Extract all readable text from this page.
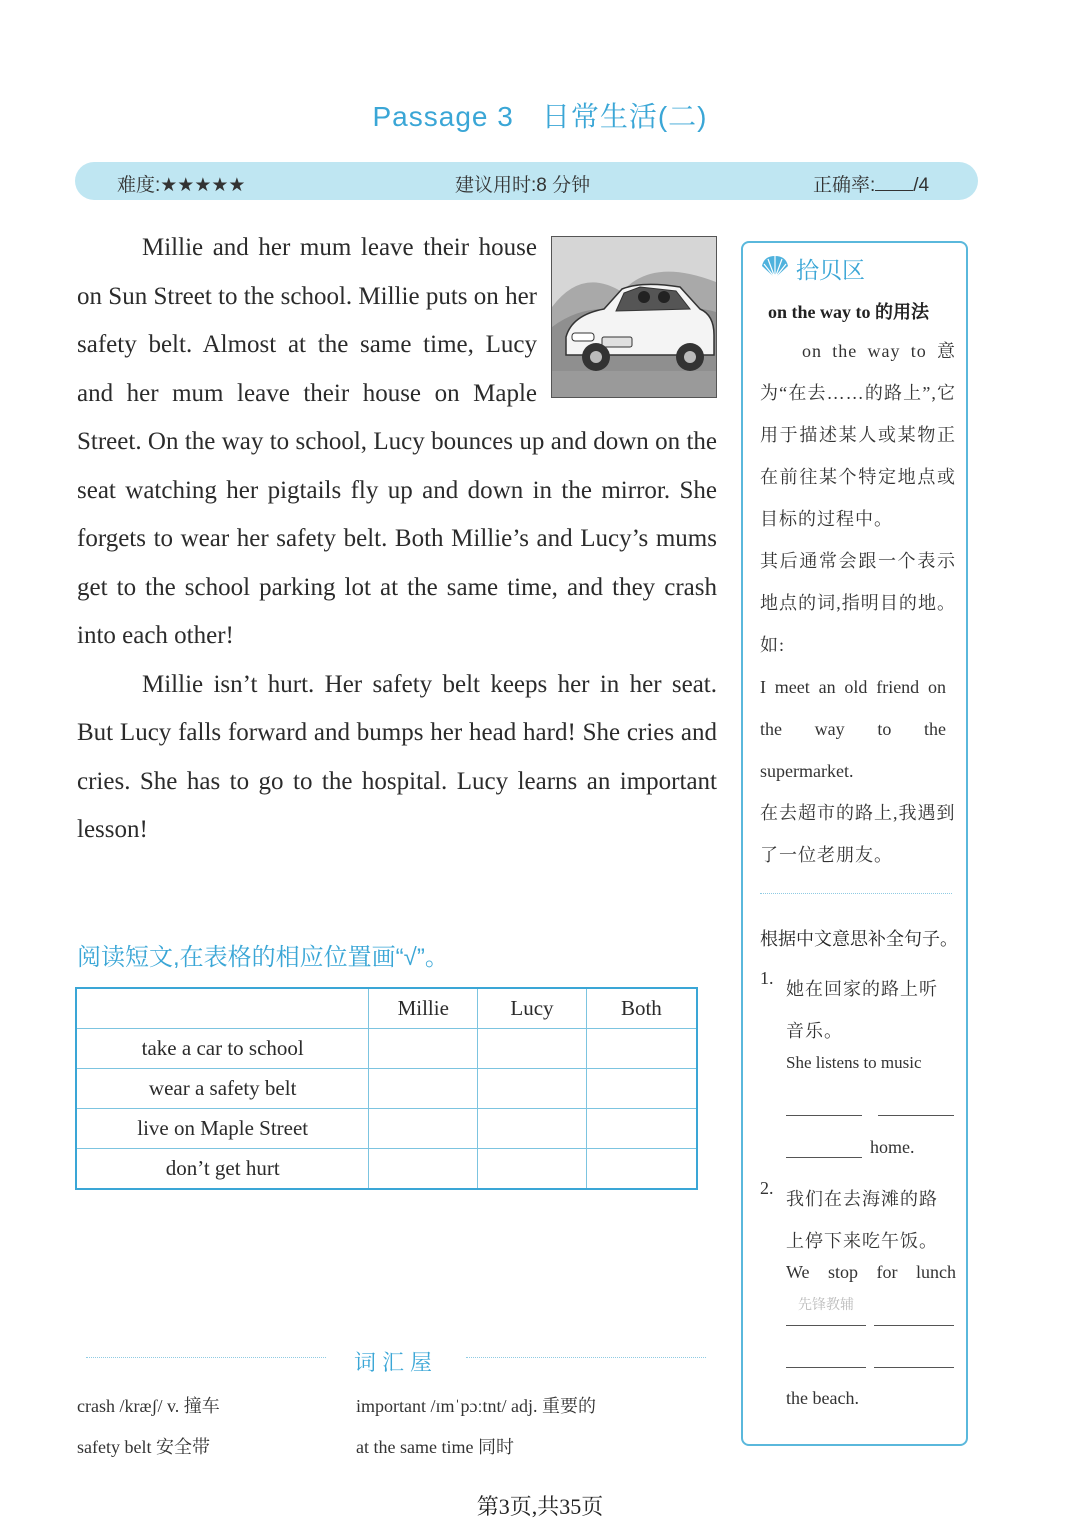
Passage 3 日常生活(二)
难度:★★★★★	建议用时:8 分钟	正确率: /4

Millie and her mum leave their house on Sun Street to the school. Millie puts on her safety belt. Almost at the same time, Lucy and her mum leave their house on Maple Street. On the way to school, Lucy bounces up and down on the seat watching her pigtails fly up and down in the mirror. She forgets to wear her safety belt. Both Millie’s and Lucy’s mums get to the school parking lot at the same time, and they crash into each other!

Millie isn’t hurt. Her safety belt keeps her in her seat. But Lucy falls forward and bumps her head hard! She cries and cries. She has to go to the hospital. Lucy learns an important lesson!

阅读短文,在表格的相应位置画“√”。
	Millie	Lucy	Both
take a car to school			
wear a safety belt			
live on Maple Street			
don’t get hurt			
拾贝区
on the way to 的用法

on the way to 意为“在去……的路上”,它用于描述某人或某物正在前往某个特定地点或目标的过程中。

其后通常会跟一个表示地点的词,指明目的地。如:

I meet an old friend on the way to the supermarket.
在去超市的路上,我遇到了一位老朋友。
根据中文意思补全句子。
1.
她在回家的路上听音乐。
She listens to music
home.
2.
我们在去海滩的路上停下来吃午饭。
We stop for lunch
先锋教辅
the beach.
词汇屋
crash /kræʃ/ v. 撞车	important /ɪmˈpɔːtnt/ adj. 重要的
safety belt 安全带	at the same time 同时
第3页,共35页
